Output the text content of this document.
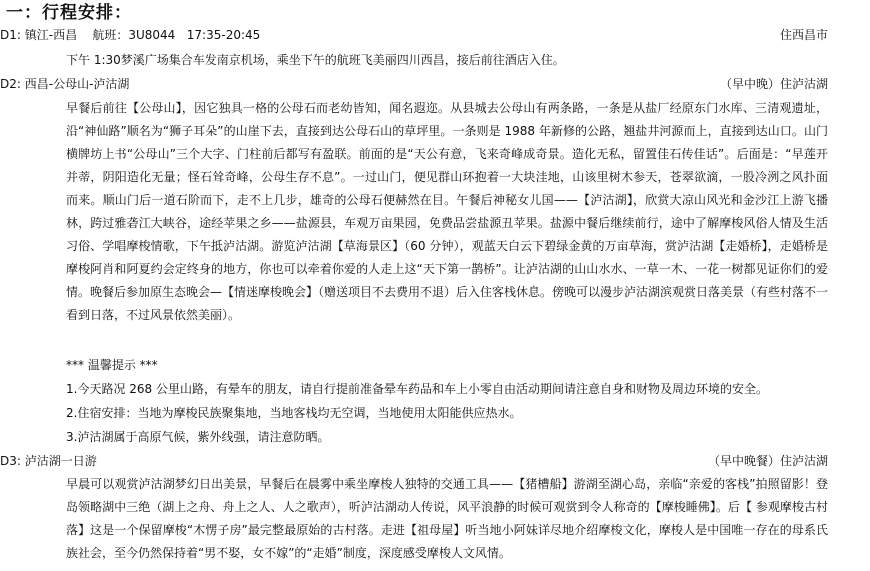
一：行程安排：
D1: 镇江-西昌 航班：3U8044 17:35-20:45	住西昌市
下午 1:30梦溪广场集合车发南京机场，乘坐下午的航班飞美丽四川西昌，接后前往酒店入住。
D2: 西昌-公母山-泸沽湖	（早中晚）住泸沽湖
早餐后前往【公母山】，因它独具一格的公母石而老幼皆知，闻名遐迩。从县城去公母山有两条路，一条是从盐厂经原东门水库、三清观遗址，沿“神仙路”顺名为“狮子耳朵”的山崖下去，直接到达公母石山的草坪里。一条则是 1988 年新修的公路，翘盐井河源而上，直接到达山口。山门横牌坊上书“公母山”三个大字、门柱前后都写有盈联。前面的是“天公有意，飞来奇峰成奇景。造化无私，留置佳石传佳话”。后面是：“早莲开并蒂，阴阳造化无量；怪石耸奇峰，公母生存不息”。一过山门，便见群山环抱着一大块洼地，山该里树木参天，苍翠欲滴，一股冷洌之风扑面而来。顺山门后一道石阶而下，走不上几步，雄奇的公母石便赫然在目。午餐后神秘女儿国——【泸沽湖】，欣赏大凉山风光和金沙江上游飞播林，跨过雅砻江大峡谷，途经苹果之乡——盐源县，车观万亩果园，免费品尝盐源丑苹果。盐源中餐后继续前行，途中了解摩梭风俗人情及生活习俗、学唱摩梭情歌，下午抵泸沽湖。游览泸沽湖【草海景区】（60 分钟），观蓝天白云下碧绿金黄的万亩草海，赏泸沽湖【走婚桥】，走婚桥是摩梭阿肖和阿夏约会定终身的地方，你也可以牵着你爱的人走上这“天下第一鹊桥”。让泸沽湖的山山水水、一草一木、一花一树都见证你们的爱情。晚餐后参加原生态晚会—【情迷摩梭晚会】（赠送项目不去费用不退）后入住客栈休息。傍晚可以漫步泸沽湖滨观赏日落美景（有些村落不一看到日落，不过风景依然美丽）。
*** 温馨提示 ***
1.今天路况 268 公里山路，有晕车的朋友，请自行提前准备晕车药品和车上小零自由活动期间请注意自身和财物及周边环境的安全。
2.住宿安排：当地为摩梭民族聚集地，当地客栈均无空调，当地使用太阳能供应热水。
3.泸沽湖属于高原气候，紫外线强，请注意防晒。
D3: 泸沽湖一日游	（早中晚餐）住泸沽湖
早晨可以观赏泸沽湖梦幻日出美景，早餐后在晨雾中乘坐摩梭人独特的交通工具——【猪槽船】游湖至湖心岛，亲临“亲爱的客栈”拍照留影！登岛领略湖中三绝（湖上之舟、舟上之人、人之歌声），听泸沽湖动人传说，风平浪静的时候可观赏到令人称奇的【摩梭睡佛】。后【 参观摩梭古村落】这是一个保留摩梭“木愣子房”最完整最原始的古村落。走进【祖母屋】听当地小阿妹详尽地介绍摩梭文化，摩梭人是中国唯一存在的母系氏族社会，至今仍然保持着“男不娶，女不嫁”的“走婚”制度，深度感受摩梭人文风情。
